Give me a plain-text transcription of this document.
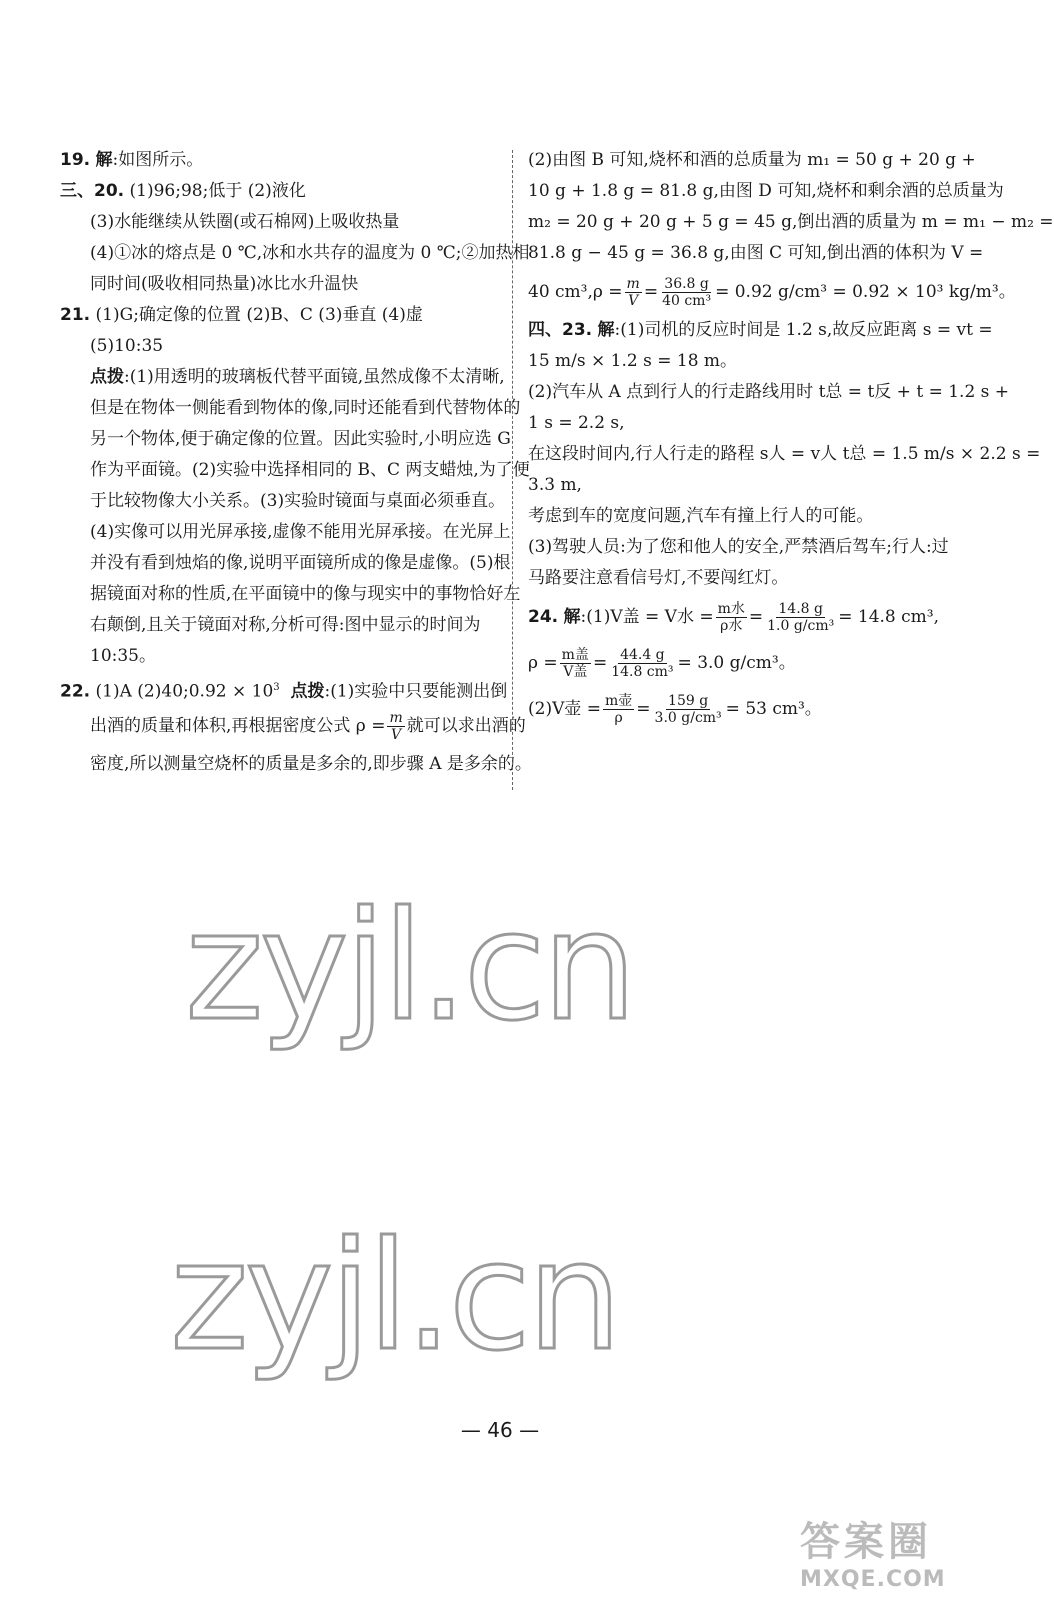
19. 解:如图所示。
三、20. (1)96;98;低于 (2)液化
(3)水能继续从铁圈(或石棉网)上吸收热量
(4)①冰的熔点是 0 ℃,冰和水共存的温度为 0 ℃;②加热相
同时间(吸收相同热量)冰比水升温快
21. (1)G;确定像的位置 (2)B、C (3)垂直 (4)虚
(5)10:35
点拨:(1)用透明的玻璃板代替平面镜,虽然成像不太清晰,
但是在物体一侧能看到物体的像,同时还能看到代替物体的
另一个物体,便于确定像的位置。因此实验时,小明应选 G
作为平面镜。(2)实验中选择相同的 B、C 两支蜡烛,为了便
于比较物像大小关系。(3)实验时镜面与桌面必须垂直。
(4)实像可以用光屏承接,虚像不能用光屏承接。在光屏上
并没有看到烛焰的像,说明平面镜所成的像是虚像。(5)根
据镜面对称的性质,在平面镜中的像与现实中的事物恰好左
右颠倒,且关于镜面对称,分析可得:图中显示的时间为
10:35。
22. (1)A (2)40;0.92 × $10^3$ 点拨:(1)实验中只要能测出倒
出酒的质量和体积,再根据密度公式 $\rho = \frac{m}{V}$ 就可以求出酒的
密度,所以测量空烧杯的质量是多余的,即步骤 A 是多余的。
(2)由图 B 可知,烧杯和酒的总质量为 m₁ = 50 g + 20 g +
10 g + 1.8 g = 81.8 g,由图 D 可知,烧杯和剩余酒的总质量为
m₂ = 20 g + 20 g + 5 g = 45 g,倒出酒的质量为 m = m₁ − m₂ =
81.8 g − 45 g = 36.8 g,由图 C 可知,倒出酒的体积为 V =
40 $cm^3,\rho = \frac{m}{V} = \frac{36.8 g}{\text{40 cm³}} = 0.92$ g/cm³ = 0.92 × 10³ kg/m³。
四、23. 解:(1)司机的反应时间是 1.2 s,故反应距离 s = vt =
15 m/s × 1.2 s = 18 m。
(2)汽车从 A 点到行人的行走路线用时 t总 = t反 + t = 1.2 s +
1 s = 2.2 s,
在这段时间内,行人行走的路程 s人 = v人 t总 = 1.5 m/s × 2.2 s =
3.3 m,
考虑到车的宽度问题,汽车有撞上行人的可能。
(3)驾驶人员:为了您和他人的安全,严禁酒后驾车;行人:过
马路要注意看信号灯,不要闯红灯。
24.
解 :(1)V盖 = V水 = $\frac{\text{m水}}{\text{ρ水}} = \frac{14.8 g}{\text{1.0 g/cm³}} = 14.8$ cm³,
$\rho = \frac{\text{m盖}}{\text{V盖}} = \frac{44.4 g}{\text{14.8 cm³}} = 3.0$ g/cm³。
(2)V壶 = $\frac{\text{m壶}}{\rho} = \frac{159 g}{\text{3.0 g/cm³}} = 53$ cm³。
zyjl.cn
zyjl.cn
— 46 —
答案圈
MXQE.COM
